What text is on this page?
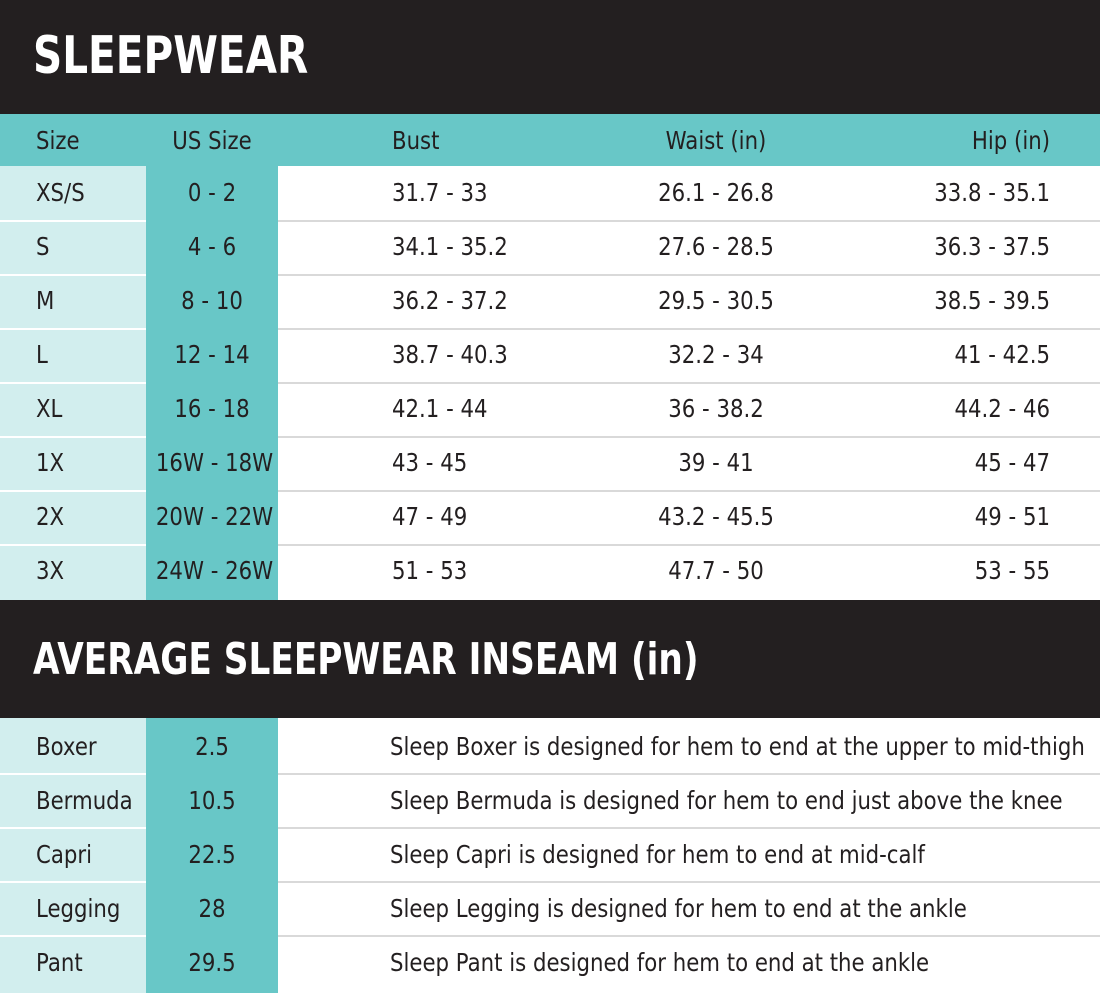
SLEEPWEAR
Size	US Size	Bust	Waist (in)	Hip (in)
XS/S	0 - 2	31.7 - 33	26.1 - 26.8	33.8 - 35.1
S	4 - 6	34.1 - 35.2	27.6 - 28.5	36.3 - 37.5
M	8 - 10	36.2 - 37.2	29.5 - 30.5	38.5 - 39.5
L	12 - 14	38.7 - 40.3	32.2 - 34	41 - 42.5
XL	16 - 18	42.1 - 44	36 - 38.2	44.2 - 46
1X	16W - 18W	43 - 45	39 - 41	45 - 47
2X	20W - 22W	47 - 49	43.2 - 45.5	49 - 51
3X	24W - 26W	51 - 53	47.7 - 50	53 - 55
AVERAGE SLEEPWEAR INSEAM (in)
Boxer	2.5	Sleep Boxer is designed for hem to end at the upper to mid-thigh
Bermuda	10.5	Sleep Bermuda is designed for hem to end just above the knee
Capri	22.5	Sleep Capri is designed for hem to end at mid-calf
Legging	28	Sleep Legging is designed for hem to end at the ankle
Pant	29.5	Sleep Pant is designed for hem to end at the ankle
